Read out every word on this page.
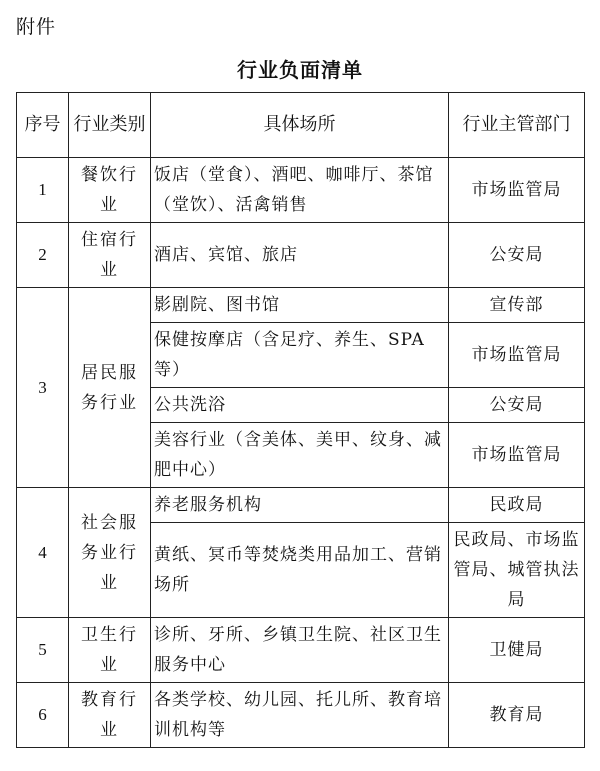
附件
行业负面清单
序号	行业类别	具体场所	行业主管部门
1	餐饮行业	饭店（堂食）、酒吧、咖啡厅、茶馆（堂饮）、活禽销售	市场监管局
2	住宿行业	酒店、宾馆、旅店	公安局
3	居民服务行业	影剧院、图书馆	宣传部
		保健按摩店（含足疗、养生、SPA等）	市场监管局
		公共洗浴	公安局
		美容行业（含美体、美甲、纹身、减肥中心）	市场监管局
4	社会服务业行业	养老服务机构	民政局
		黄纸、冥币等焚烧类用品加工、营销场所	民政局、市场监管局、城管执法局
5	卫生行业	诊所、牙所、乡镇卫生院、社区卫生服务中心	卫健局
6	教育行业	各类学校、幼儿园、托儿所、教育培训机构等	教育局
